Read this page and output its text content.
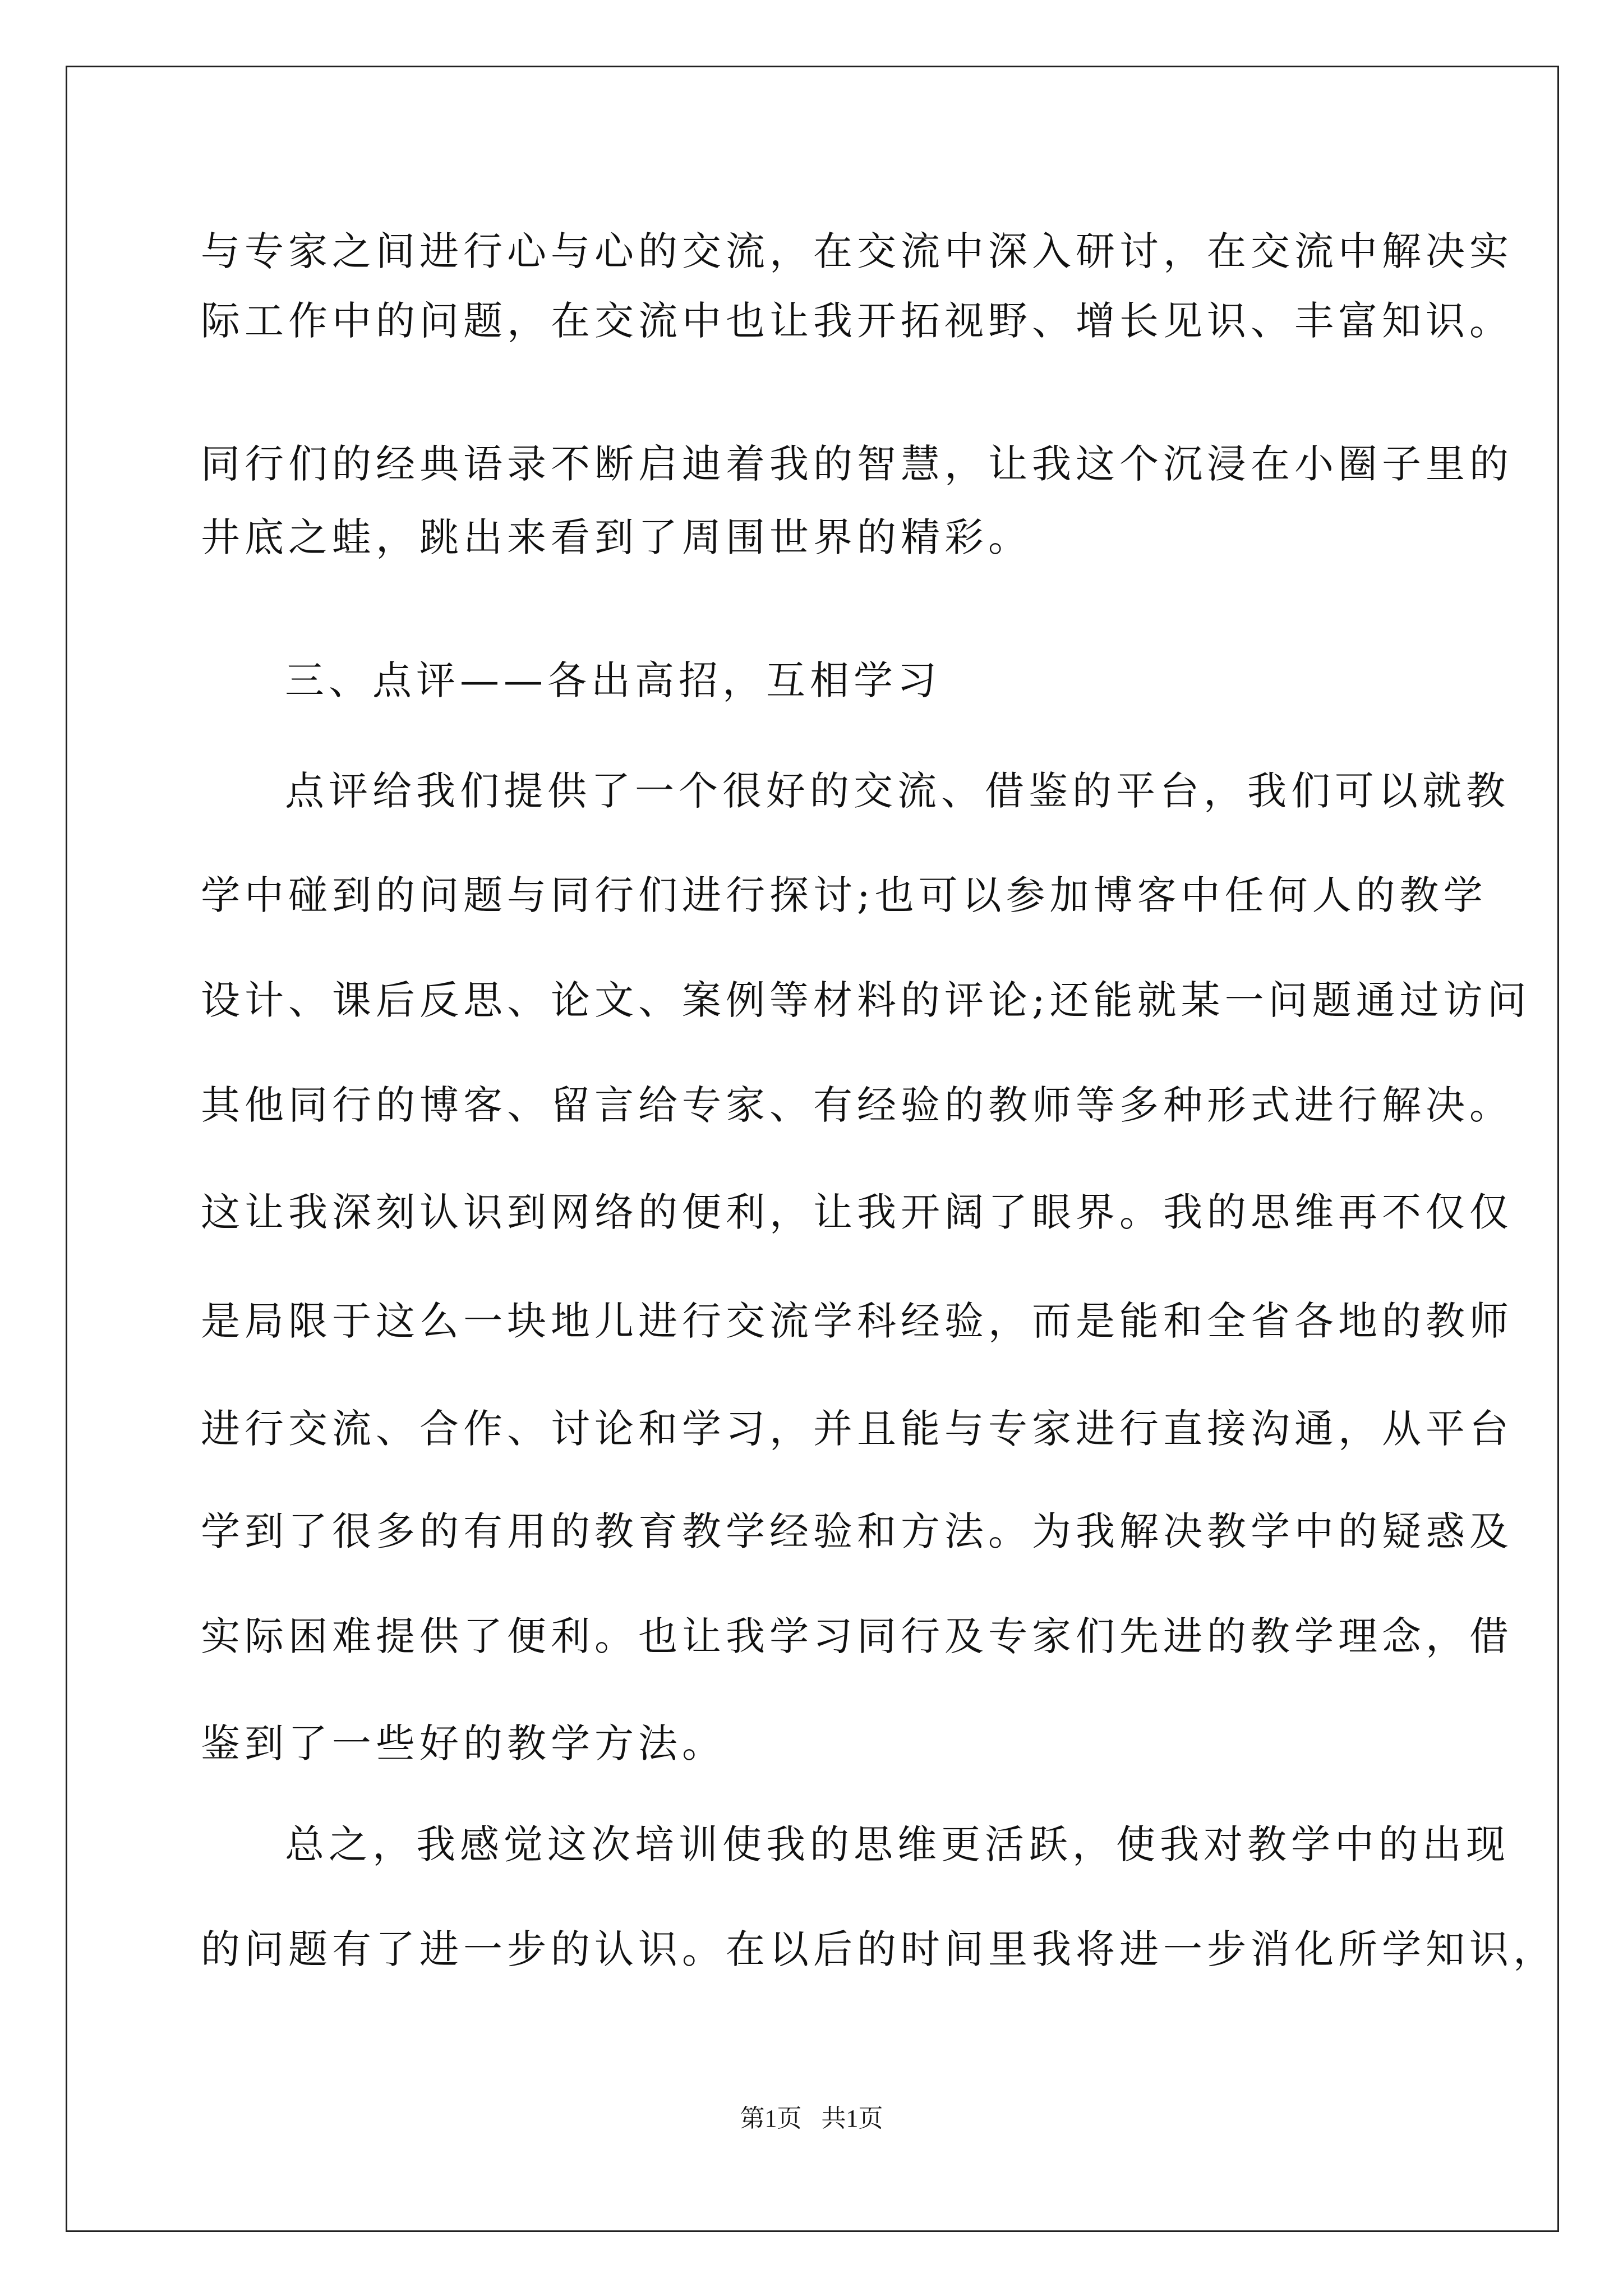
与专家之间进行心与心的交流，在交流中深入研讨，在交流中解决实
际工作中的问题，在交流中也让我开拓视野、增长见识、丰富知识。
同行们的经典语录不断启迪着我的智慧，让我这个沉浸在小圈子里的
井底之蛙，跳出来看到了周围世界的精彩。
三、点评——各出高招，互相学习
点评给我们提供了一个很好的交流、借鉴的平台，我们可以就教
学中碰到的问题与同行们进行探讨;也可以参加博客中任何人的教学
设计、课后反思、论文、案例等材料的评论;还能就某一问题通过访问
其他同行的博客、留言给专家、有经验的教师等多种形式进行解决。
这让我深刻认识到网络的便利，让我开阔了眼界。我的思维再不仅仅
是局限于这么一块地儿进行交流学科经验，而是能和全省各地的教师
进行交流、合作、讨论和学习，并且能与专家进行直接沟通，从平台
学到了很多的有用的教育教学经验和方法。为我解决教学中的疑惑及
实际困难提供了便利。也让我学习同行及专家们先进的教学理念，借
鉴到了一些好的教学方法。
总之，我感觉这次培训使我的思维更活跃，使我对教学中的出现
的问题有了进一步的认识。在以后的时间里我将进一步消化所学知识，
第1页 共1页
